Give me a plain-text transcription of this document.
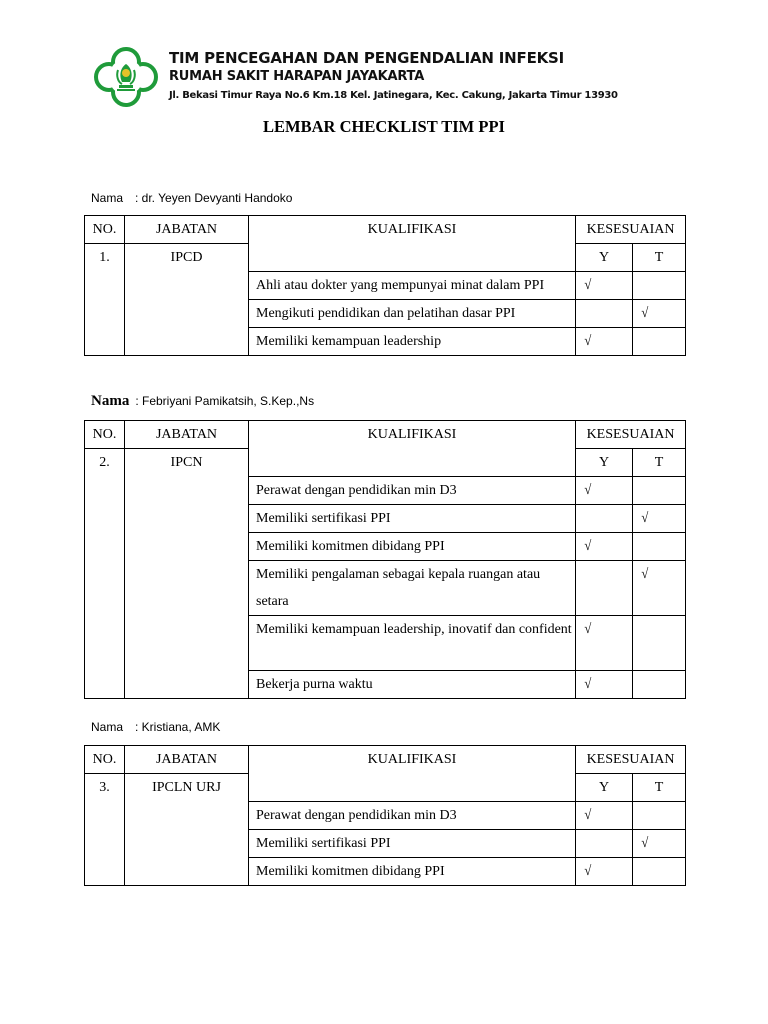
TIM PENCEGAHAN DAN PENGENDALIAN INFEKSI
RUMAH SAKIT HARAPAN JAYAKARTA
Jl. Bekasi Timur Raya No.6 Km.18 Kel. Jatinegara, Kec. Cakung, Jakarta Timur 13930
LEMBAR CHECKLIST TIM PPI
Nama : dr. Yeyen Devyanti Handoko
NO.	JABATAN	KUALIFIKASI	KESESUAIAN	
1.	IPCD		Y	T
		Ahli atau dokter yang mempunyai minat dalam PPI	√	
		Mengikuti pendidikan dan pelatihan dasar PPI		√
		Memiliki kemampuan leadership	√	
Nama : Febriyani Pamikatsih, S.Kep.,Ns
NO.	JABATAN	KUALIFIKASI	KESESUAIAN	
2.	IPCN		Y	T
		Perawat dengan pendidikan min D3	√	
		Memiliki sertifikasi PPI		√
		Memiliki komitmen dibidang PPI	√	
		Memiliki pengalaman sebagai kepala ruangan atau setara		√
		Memiliki kemampuan leadership, inovatif dan confident	√	
		Bekerja purna waktu	√	
Nama : Kristiana, AMK
NO.	JABATAN	KUALIFIKASI	KESESUAIAN	
3.	IPCLN URJ		Y	T
		Perawat dengan pendidikan min D3	√	
		Memiliki sertifikasi PPI		√
		Memiliki komitmen dibidang PPI	√	
